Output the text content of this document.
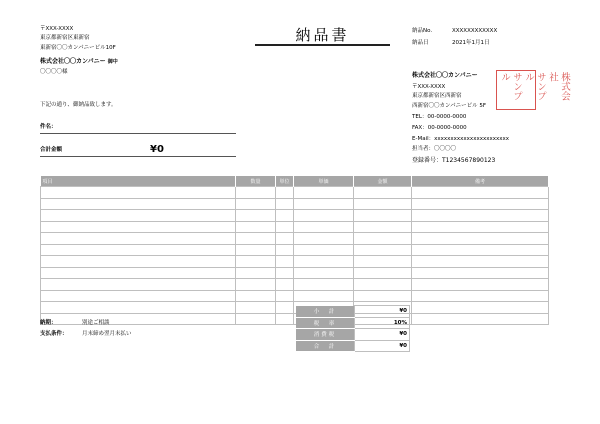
納品書
〒XXX-XXXX
東京都新宿区東新宿
東新宿〇〇カンパニービル10F
株式会社〇〇カンパニー 御中
〇〇〇〇様
下記の通り、御納品致します。
件名：
合計金額	¥0
納品No.	XXXXXXXXXXXX
納品日	2021年1月1日
株式会社〇〇カンパニー
〒XXX-XXXX
東京都新宿区西新宿
西新宿〇〇カンパニービル 5F
TEL：00-0000-0000
FAX：00-0000-0000
E-Mail：xxxxxxxxxxxxxxxxxxxxxxx
担当者：〇〇〇〇
登録番号：T1234567890123
株式会社
サンプル
サンプル
項目	数量	単位	単価	金額	備考

小　計	¥0
税　率	10%
消費税	¥0
合　計	¥0
納期：	別途ご相談
支払条件：	月末締め翌月末払い
